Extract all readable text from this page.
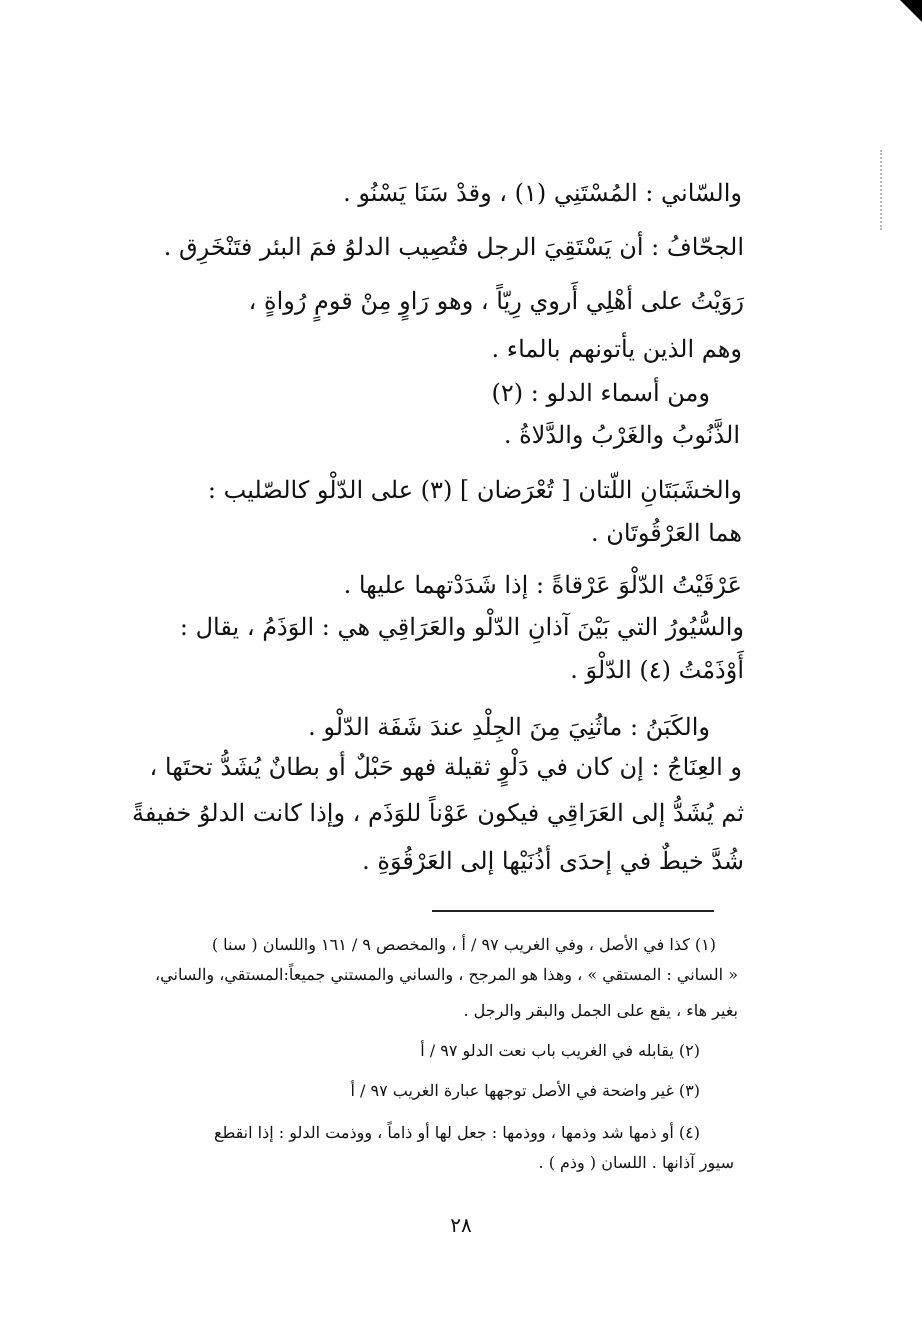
والسّاني : المُسْتَنِي (١) ، وقدْ سَنَا يَسْنُو .
الجحّافُ : أن يَسْتَقِيَ الرجل فتُصِيب الدلوُ فمَ البئر فتَنْخَرِق .
رَوَيْتُ على أهْلِي أَروي رِيّاً ، وهو رَاوٍ مِنْ قومٍ رُواةٍ ،
وهم الذين يأتونهم بالماء .
ومن أسماء الدلو : (٢)
الذَّنُوبُ والغَرْبُ والدَّلاةُ .
والخشَبَتَانِ اللّتان [ تُعْرَضان ] (٣) على الدّلْو كالصّليب :
هما العَرْقُوتَان .
عَرْقَيْتُ الدّلْوَ عَرْقاةً : إذا شَدَدْتهما عليها .
والسُّيُورُ التي بَيْنَ آذانِ الدّلْو والعَرَاقِي هي : الوَذَمُ ، يقال :
أَوْذَمْتُ (٤) الدّلْوَ .
والكَبَنُ : ماثُنِيَ مِنَ الجِلْدِ عندَ شَفَة الدّلْو .
و العِنَاجُ : إن كان في دَلْوٍ ثقيلة فهو حَبْلٌ أو بطانٌ يُشَدُّ تحتَها ،
ثم يُشَدُّ إلى العَرَاقِي فيكون عَوْناً للوَذَم ، وإذا كانت الدلوُ خفيفةً
شُدَّ خيطٌ في إحدَى أذُنَيْها إلى العَرْقُوَةِ .
(١) كذا في الأصل ، وفي الغريب ٩٧ / أ ، والمخصص ٩ / ١٦١ واللسان ( سنا )
« الساني : المستقي » ، وهذا هو المرجح ، والساني والمستني جميعاً:المستقي، والساني،
بغير هاء ، يقع على الجمل والبقر والرجل .
(٢) يقابله في الغريب باب نعت الدلو ٩٧ / أ
(٣) غير واضحة في الأصل توجهها عبارة الغريب ٩٧ / أ
(٤) أو ذمها شد وذمها ، ووذمها : جعل لها أو ذاماً ، ووذمت الدلو : إذا انقطع
سيور آذانها . اللسان ( وذم ) .
٢٨
